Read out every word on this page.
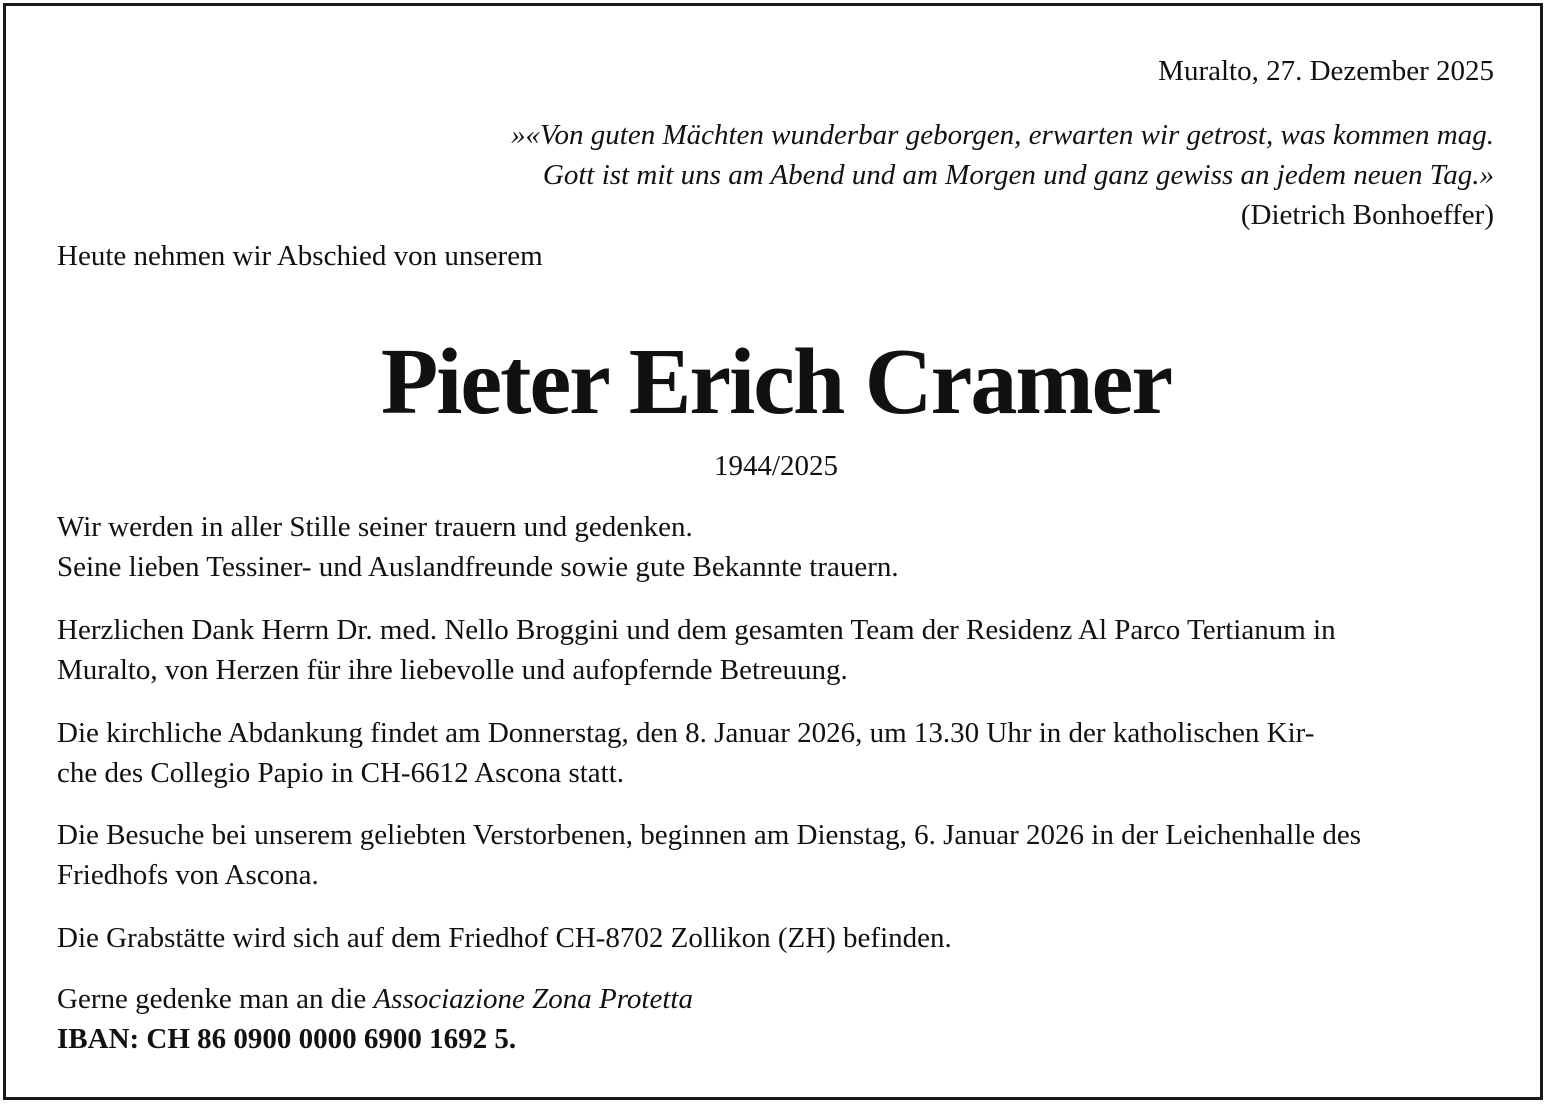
Muralto, 27. Dezember 2025
»«Von guten Mächten wunderbar geborgen, erwarten wir getrost, was kommen mag.
Gott ist mit uns am Abend und am Morgen und ganz gewiss an jedem neuen Tag.»
(Dietrich Bonhoeffer)
Heute nehmen wir Abschied von unserem
Pieter Erich Cramer
1944/2025
Wir werden in aller Stille seiner trauern und gedenken.
Seine lieben Tessiner- und Auslandfreunde sowie gute Bekannte trauern.
Herzlichen Dank Herrn Dr. med. Nello Broggini und dem gesamten Team der Residenz Al Parco Tertianum in
Muralto, von Herzen für ihre liebevolle und aufopfernde Betreuung.
Die kirchliche Abdankung findet am Donnerstag, den 8. Januar 2026, um 13.30 Uhr in der katholischen Kir-
che des Collegio Papio in CH-6612 Ascona statt.
Die Besuche bei unserem geliebten Verstorbenen, beginnen am Dienstag, 6. Januar 2026 in der Leichenhalle des
Friedhofs von Ascona.
Die Grabstätte wird sich auf dem Friedhof CH-8702 Zollikon (ZH) befinden.
Gerne gedenke man an die Associazione Zona Protetta
IBAN: CH 86 0900 0000 6900 1692 5.
